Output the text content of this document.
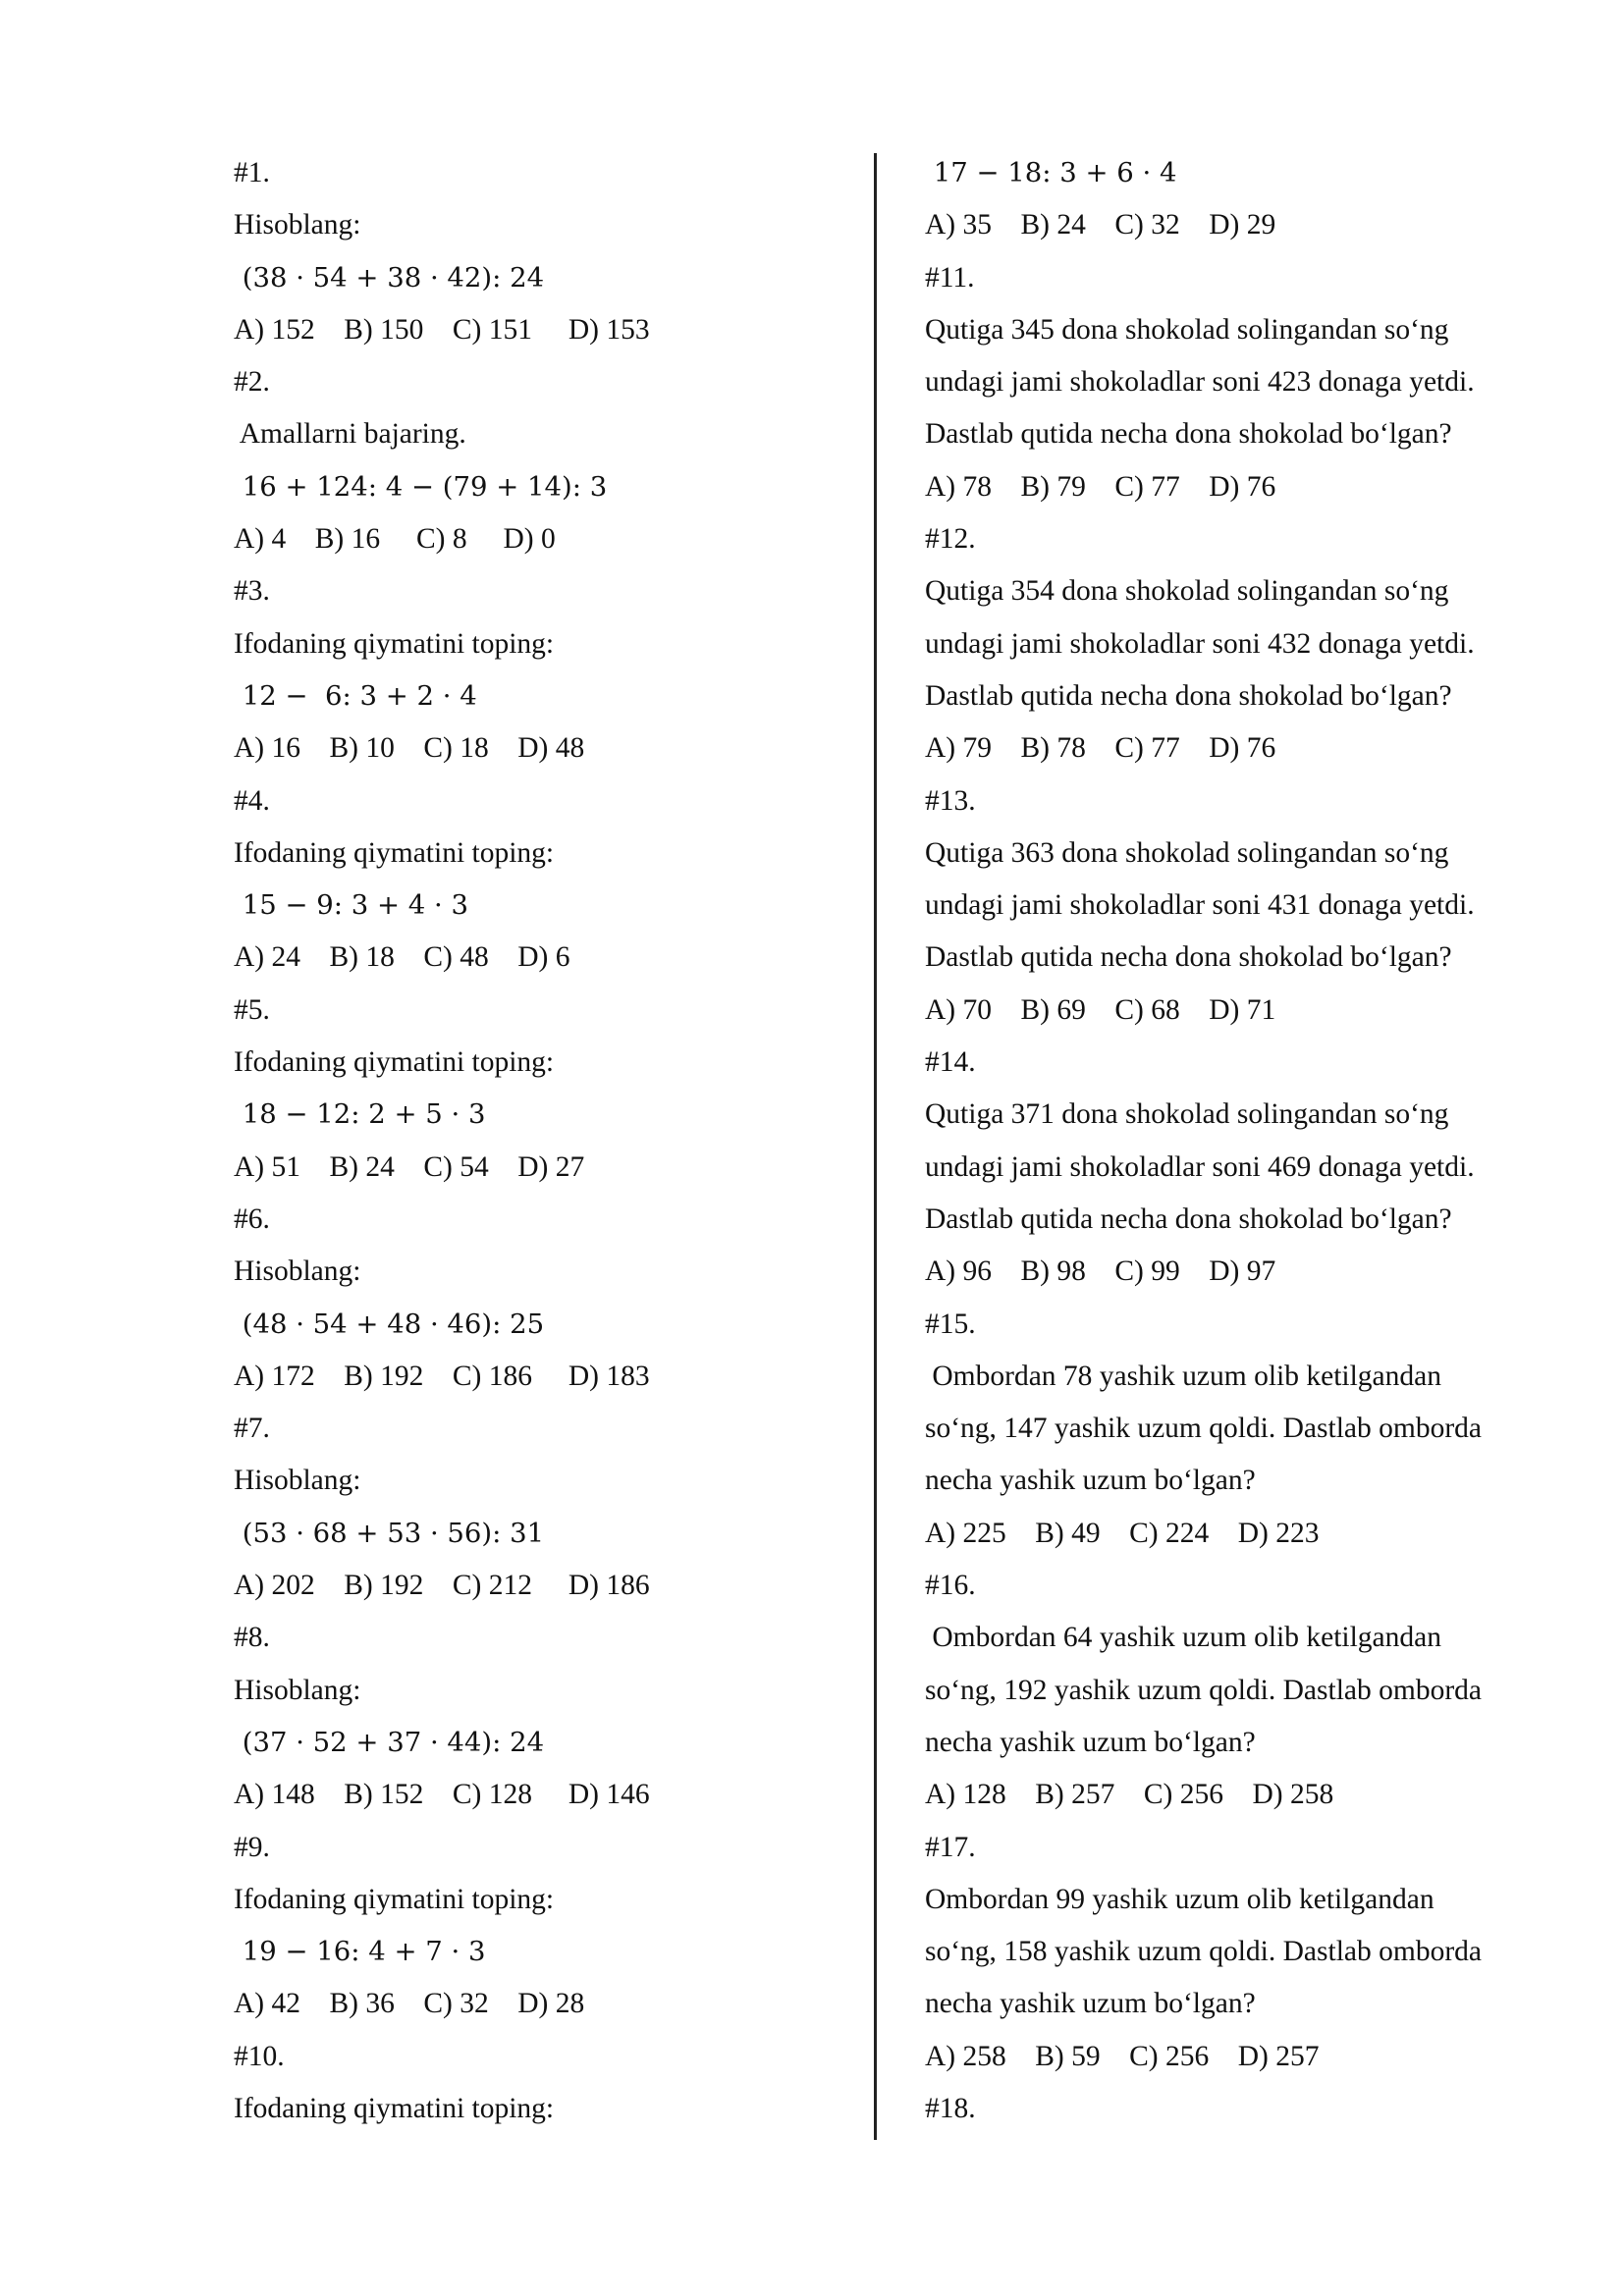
#1.
Hisoblang:
(38 · 54 + 38 · 42): 24
A) 152    B) 150    C) 151     D) 153
#2.
Amallarni bajaring.
16 + 124: 4 − (79 + 14): 3
A) 4    B) 16     C) 8     D) 0
#3.
Ifodaning qiymatini toping:
12 −  6: 3 + 2 · 4
A) 16    B) 10    C) 18    D) 48
#4.
Ifodaning qiymatini toping:
15 − 9: 3 + 4 · 3
A) 24    B) 18    C) 48    D) 6
#5.
Ifodaning qiymatini toping:
18 − 12: 2 + 5 · 3
A) 51    B) 24    C) 54    D) 27
#6.
Hisoblang:
(48 · 54 + 48 · 46): 25
A) 172    B) 192    C) 186     D) 183
#7.
Hisoblang:
(53 · 68 + 53 · 56): 31
A) 202    B) 192    C) 212     D) 186
#8.
Hisoblang:
(37 · 52 + 37 · 44): 24
A) 148    B) 152    C) 128     D) 146
#9.
Ifodaning qiymatini toping:
19 − 16: 4 + 7 · 3
A) 42    B) 36    C) 32    D) 28
#10.
Ifodaning qiymatini toping:
17 − 18: 3 + 6 · 4
A) 35    B) 24    C) 32    D) 29
#11.
Qutiga 345 dona shokolad solingandan so‘ng
undagi jami shokoladlar soni 423 donaga yetdi.
Dastlab qutida necha dona shokolad bo‘lgan?
A) 78    B) 79    C) 77    D) 76
#12.
Qutiga 354 dona shokolad solingandan so‘ng
undagi jami shokoladlar soni 432 donaga yetdi.
Dastlab qutida necha dona shokolad bo‘lgan?
A) 79    B) 78    C) 77    D) 76
#13.
Qutiga 363 dona shokolad solingandan so‘ng
undagi jami shokoladlar soni 431 donaga yetdi.
Dastlab qutida necha dona shokolad bo‘lgan?
A) 70    B) 69    C) 68    D) 71
#14.
Qutiga 371 dona shokolad solingandan so‘ng
undagi jami shokoladlar soni 469 donaga yetdi.
Dastlab qutida necha dona shokolad bo‘lgan?
A) 96    B) 98    C) 99    D) 97
#15.
Ombordan 78 yashik uzum olib ketilgandan
so‘ng, 147 yashik uzum qoldi. Dastlab omborda
necha yashik uzum bo‘lgan?
A) 225    B) 49    C) 224    D) 223
#16.
Ombordan 64 yashik uzum olib ketilgandan
so‘ng, 192 yashik uzum qoldi. Dastlab omborda
necha yashik uzum bo‘lgan?
A) 128    B) 257    C) 256    D) 258
#17.
Ombordan 99 yashik uzum olib ketilgandan
so‘ng, 158 yashik uzum qoldi. Dastlab omborda
necha yashik uzum bo‘lgan?
A) 258    B) 59    C) 256    D) 257
#18.
